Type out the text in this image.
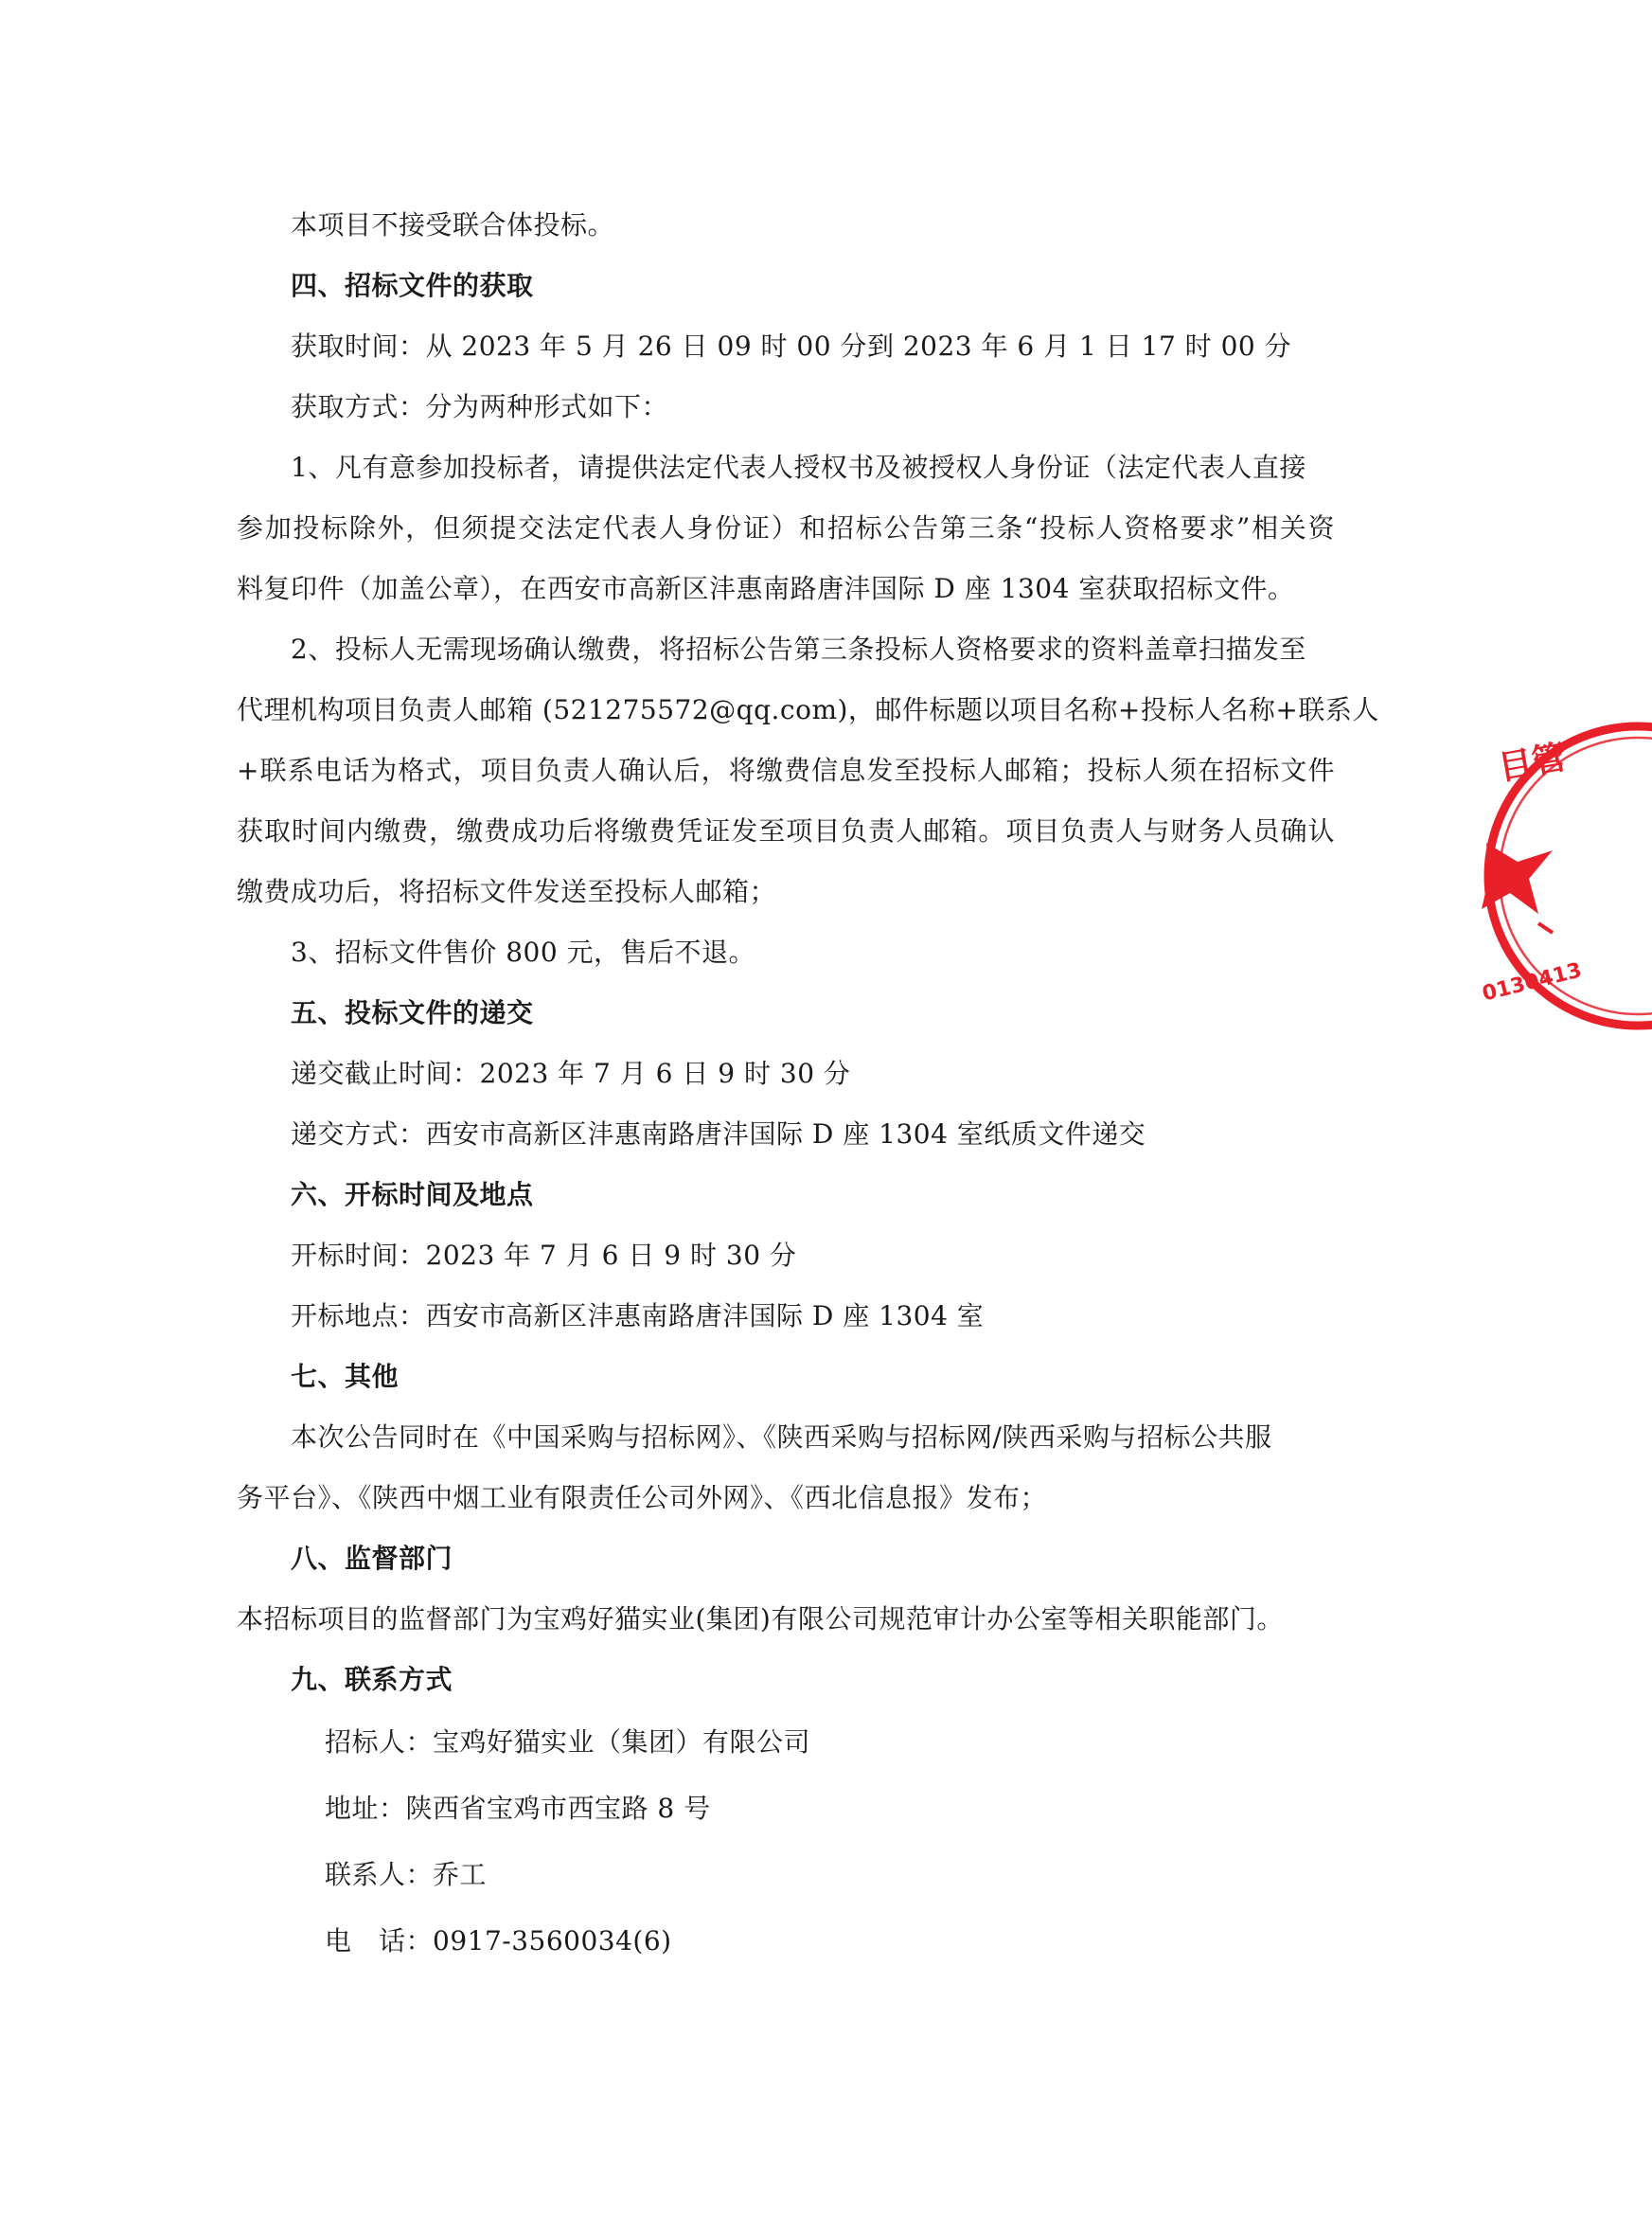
本项目不接受联合体投标。
四、招标文件的获取
获取时间：从 2023 年 5 月 26 日 09 时 00 分到 2023 年 6 月 1 日 17 时 00 分
获取方式：分为两种形式如下：
1、凡有意参加投标者，请提供法定代表人授权书及被授权人身份证（法定代表人直接
参加投标除外，但须提交法定代表人身份证）和招标公告第三条“投标人资格要求”相关资
料复印件（加盖公章），在西安市高新区沣惠南路唐沣国际 D 座 1304 室获取招标文件。
2、投标人无需现场确认缴费，将招标公告第三条投标人资格要求的资料盖章扫描发至
代理机构项目负责人邮箱 (521275572@qq.com)，邮件标题以项目名称+投标人名称+联系人
+联系电话为格式，项目负责人确认后，将缴费信息发至投标人邮箱；投标人须在招标文件
获取时间内缴费，缴费成功后将缴费凭证发至项目负责人邮箱。项目负责人与财务人员确认
缴费成功后，将招标文件发送至投标人邮箱；
3、招标文件售价 800 元，售后不退。
五、投标文件的递交
递交截止时间：2023 年 7 月 6 日 9 时 30 分
递交方式：西安市高新区沣惠南路唐沣国际 D 座 1304 室纸质文件递交
六、开标时间及地点
开标时间：2023 年 7 月 6 日 9 时 30 分
开标地点：西安市高新区沣惠南路唐沣国际 D 座 1304 室
七、其他
本次公告同时在《中国采购与招标网》、《陕西采购与招标网/陕西采购与招标公共服
务平台》、《陕西中烟工业有限责任公司外网》、《西北信息报》发布；
八、监督部门
本招标项目的监督部门为宝鸡好猫实业(集团)有限公司规范审计办公室等相关职能部门。
九、联系方式
招标人：宝鸡好猫实业（集团）有限公司
地址：陕西省宝鸡市西宝路 8 号
联系人：乔工
电　话：0917-3560034(6)
目管
0130413
